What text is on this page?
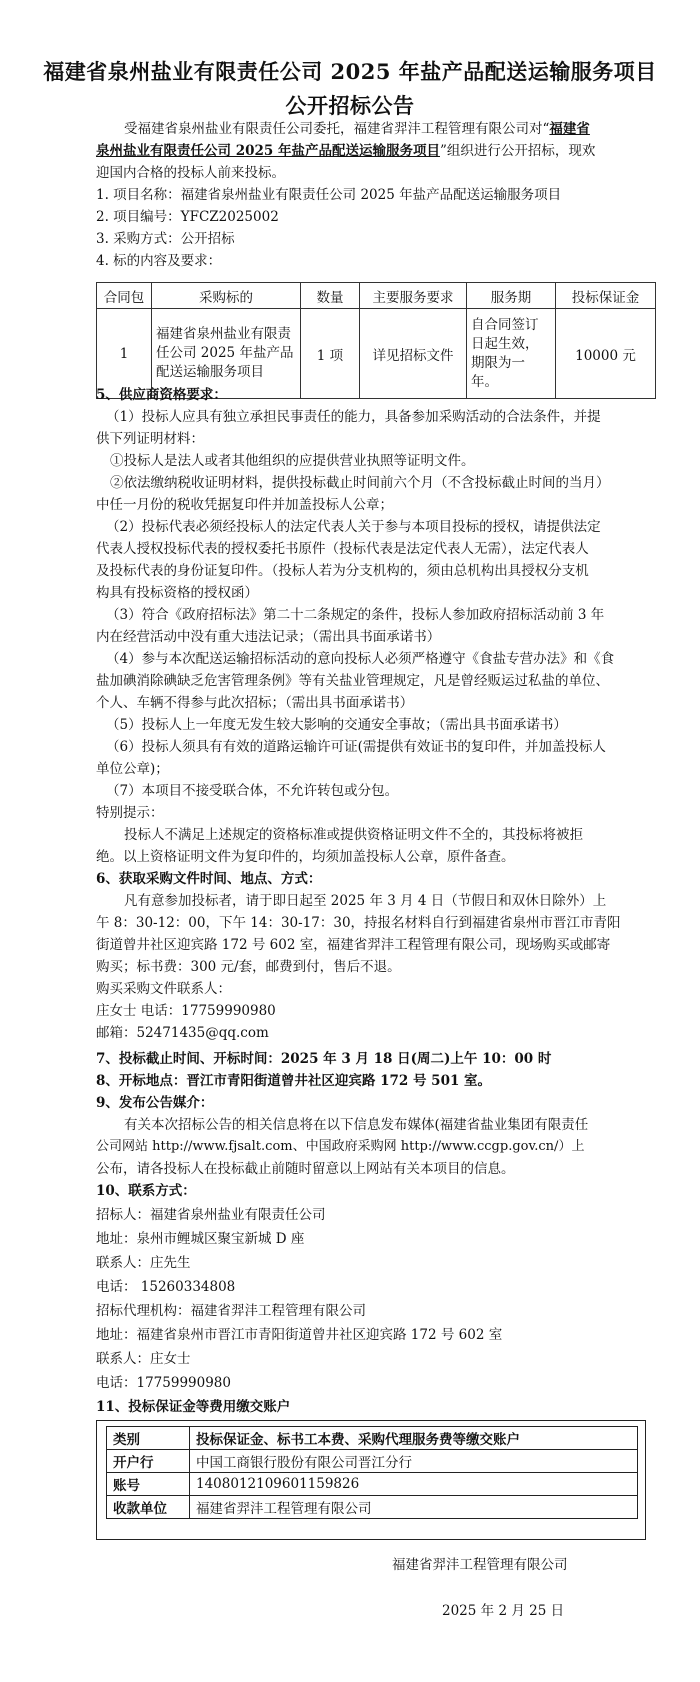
福建省泉州盐业有限责任公司 2025 年盐产品配送运输服务项目
公开招标公告
受福建省泉州盐业有限责任公司委托，福建省羿沣工程管理有限公司对“福建省
泉州盐业有限责任公司 2025 年盐产品配送运输服务项目”组织进行公开招标，现欢
迎国内合格的投标人前来投标。
1. 项目名称：福建省泉州盐业有限责任公司 2025 年盐产品配送运输服务项目
2. 项目编号：YFCZ2025002
3. 采购方式：公开招标
4. 标的内容及要求：
合同包	采购标的	数量	主要服务要求	服务期	投标保证金
1	福建省泉州盐业有限责任公司 2025 年盐产品配送运输服务项目	1 项	详见招标文件	自合同签订日起生效，期限为一年。	10000 元
5、供应商资格要求：
（1）投标人应具有独立承担民事责任的能力，具备参加采购活动的合法条件，并提
供下列证明材料：
①投标人是法人或者其他组织的应提供营业执照等证明文件。
②依法缴纳税收证明材料，提供投标截止时间前六个月（不含投标截止时间的当月）
中任一月份的税收凭据复印件并加盖投标人公章；
（2）投标代表必须经投标人的法定代表人关于参与本项目投标的授权，请提供法定
代表人授权投标代表的授权委托书原件（投标代表是法定代表人无需），法定代表人
及投标代表的身份证复印件。（投标人若为分支机构的，须由总机构出具授权分支机
构具有投标资格的授权函）
（3）符合《政府招标法》第二十二条规定的条件，投标人参加政府招标活动前 3 年
内在经营活动中没有重大违法记录；（需出具书面承诺书）
（4）参与本次配送运输招标活动的意向投标人必须严格遵守《食盐专营办法》和《食
盐加碘消除碘缺乏危害管理条例》等有关盐业管理规定，凡是曾经贩运过私盐的单位、
个人、车辆不得参与此次招标；（需出具书面承诺书）
（5）投标人上一年度无发生较大影响的交通安全事故；（需出具书面承诺书）
（6）投标人须具有有效的道路运输许可证(需提供有效证书的复印件，并加盖投标人
单位公章)；
（7）本项目不接受联合体，不允许转包或分包。
特别提示：
投标人不满足上述规定的资格标准或提供资格证明文件不全的，其投标将被拒
绝。以上资格证明文件为复印件的，均须加盖投标人公章，原件备查。
6、获取采购文件时间、地点、方式：
凡有意参加投标者，请于即日起至 2025 年 3 月 4 日（节假日和双休日除外）上
午 8：30-12：00，下午 14：30-17：30，持报名材料自行到福建省泉州市晋江市青阳
街道曾井社区迎宾路 172 号 602 室，福建省羿沣工程管理有限公司，现场购买或邮寄
购买；标书费：300 元/套，邮费到付，售后不退。
购买采购文件联系人：
庄女士 电话：17759990980
邮箱：52471435@qq.com
7、投标截止时间、开标时间：2025 年 3 月 18 日(周二)上午 10：00 时
8、开标地点：晋江市青阳街道曾井社区迎宾路 172 号 501 室。
9、发布公告媒介：
有关本次招标公告的相关信息将在以下信息发布媒体(福建省盐业集团有限责任
公司网站 http://www.fjsalt.com、中国政府采购网 http://www.ccgp.gov.cn/）上
公布，请各投标人在投标截止前随时留意以上网站有关本项目的信息。
10、联系方式：
招标人：福建省泉州盐业有限责任公司
地址：泉州市鲤城区聚宝新城 D 座
联系人：庄先生
电话： 15260334808
招标代理机构：福建省羿沣工程管理有限公司
地址：福建省泉州市晋江市青阳街道曾井社区迎宾路 172 号 602 室
联系人：庄女士
电话：17759990980
11、投标保证金等费用缴交账户
类别	投标保证金、标书工本费、采购代理服务费等缴交账户
开户行	中国工商银行股份有限公司晋江分行
账号	1408012109601159826
收款单位	福建省羿沣工程管理有限公司
福建省羿沣工程管理有限公司
2025 年 2 月 25 日
